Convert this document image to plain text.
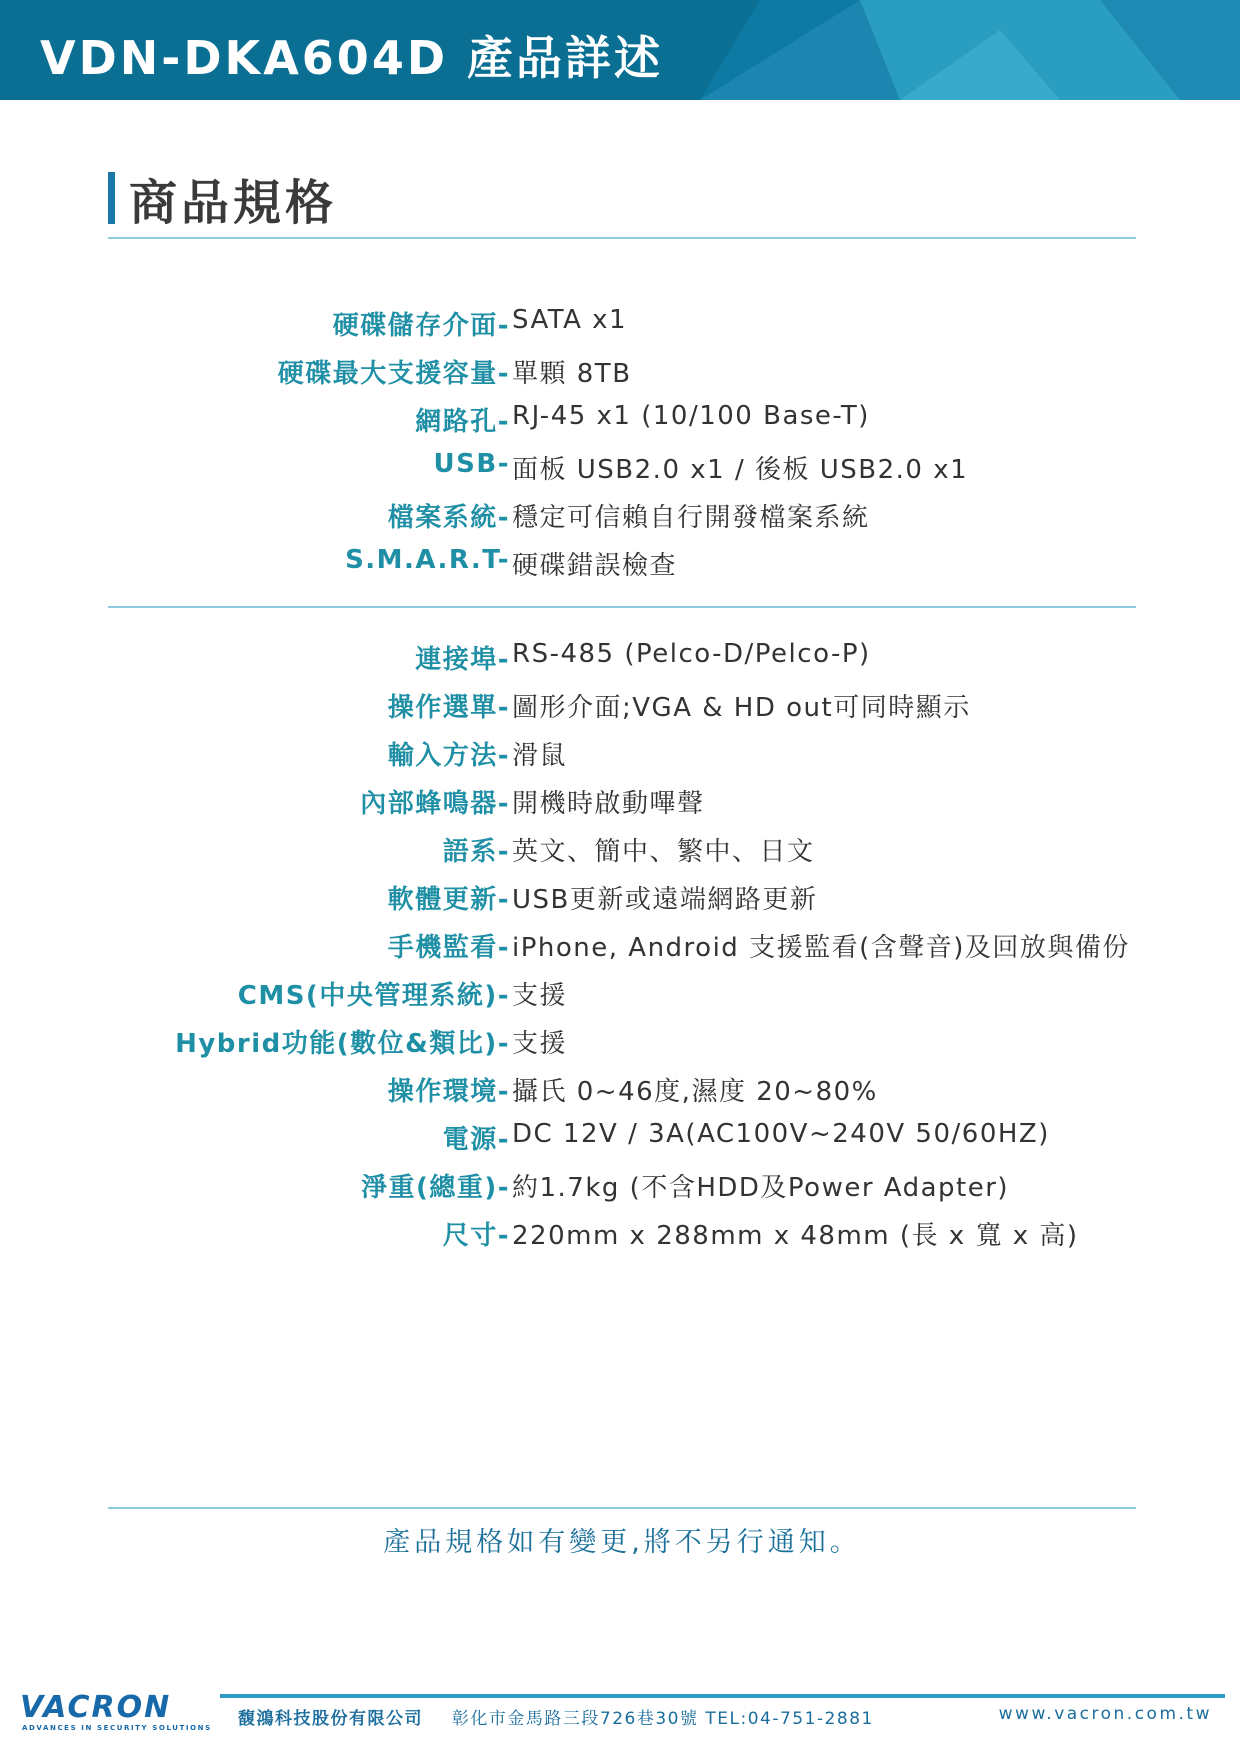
VDN-DKA604D 產品詳述
商品規格
硬碟儲存介面- SATA x1
硬碟最大支援容量- 單顆 8TB
網路孔- RJ-45 x1 (10/100 Base-T)
USB- 面板 USB2.0 x1 / 後板 USB2.0 x1
檔案系統- 穩定可信賴自行開發檔案系統
S.M.A.R.T- 硬碟錯誤檢查
連接埠- RS-485 (Pelco-D/Pelco-P)
操作選單- 圖形介面;VGA & HD out可同時顯示
輸入方法- 滑鼠
內部蜂鳴器- 開機時啟動嗶聲
語系- 英文、簡中、繁中、日文
軟體更新- USB更新或遠端網路更新
手機監看- iPhone, Android 支援監看(含聲音)及回放與備份
CMS(中央管理系統)- 支援
Hybrid功能(數位&類比)- 支援
操作環境- 攝氏 0~46度,濕度 20~80%
電源- DC 12V / 3A(AC100V~240V 50/60HZ)
淨重(總重)- 約1.7kg (不含HDD及Power Adapter)
尺寸- 220mm x 288mm x 48mm (長 x 寬 x 高)
產品規格如有變更,將不另行通知。
VACRON
ADVANCES IN SECURITY SOLUTIONS 馥鴻科技股份有限公司 彰化市金馬路三段726巷30號 TEL:04-751-2881	www.vacron.com.tw
